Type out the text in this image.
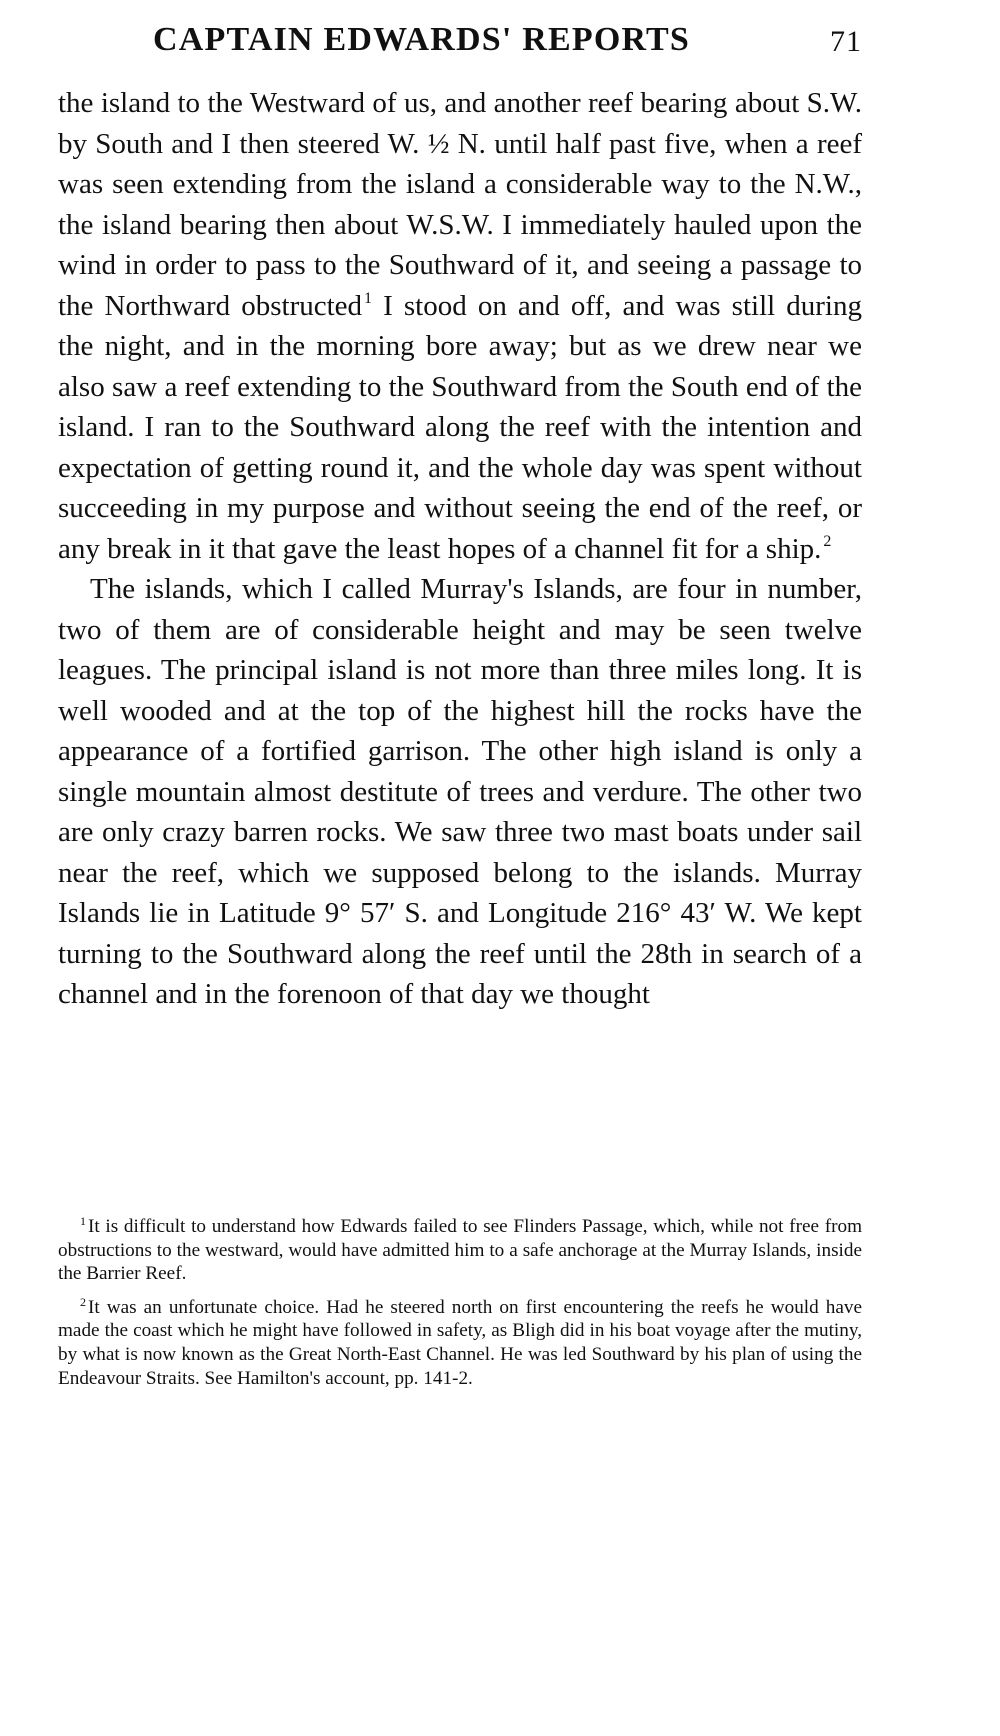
CAPTAIN EDWARDS' REPORTS	71

the island to the Westward of us, and another reef bearing about S.W. by South and I then steered W. ½ N. until half past five, when a reef was seen extending from the island a considerable way to the N.W., the island bearing then about W.S.W. I immediately hauled upon the wind in order to pass to the Southward of it, and seeing a passage to the Northward obstructed $^1$ I stood on and off, and was still during the night, and in the morning bore away; but as we drew near we also saw a reef extending to the Southward from the South end of the island. I ran to the Southward along the reef with the intention and expectation of getting round it, and the whole day was spent without succeeding in my purpose and without seeing the end of the reef, or any break in it that gave the least hopes of a channel fit for a ship. $^2$

The islands, which I called Murray's Islands, are four in number, two of them are of considerable height and may be seen twelve leagues. The principal island is not more than three miles long. It is well wooded and at the top of the highest hill the rocks have the appearance of a fortified garrison. The other high island is only a single mountain almost destitute of trees and verdure. The other two are only crazy barren rocks. We saw three two mast boats under sail near the reef, which we supposed belong to the islands. Murray Islands lie in Latitude 9° 57′ S. and Longitude 216° 43′ W. We kept turning to the Southward along the reef until the 28th in search of a channel and in the forenoon of that day we thought

$^1$ It is difficult to understand how Edwards failed to see Flinders Passage, which, while not free from obstructions to the westward, would have admitted him to a safe anchorage at the Murray Islands, inside the Barrier Reef.

$^2$ It was an unfortunate choice. Had he steered north on first encountering the reefs he would have made the coast which he might have followed in safety, as Bligh did in his boat voyage after the mutiny, by what is now known as the Great North-East Channel. He was led Southward by his plan of using the Endeavour Straits. See Hamilton's account, pp. 141-2.
